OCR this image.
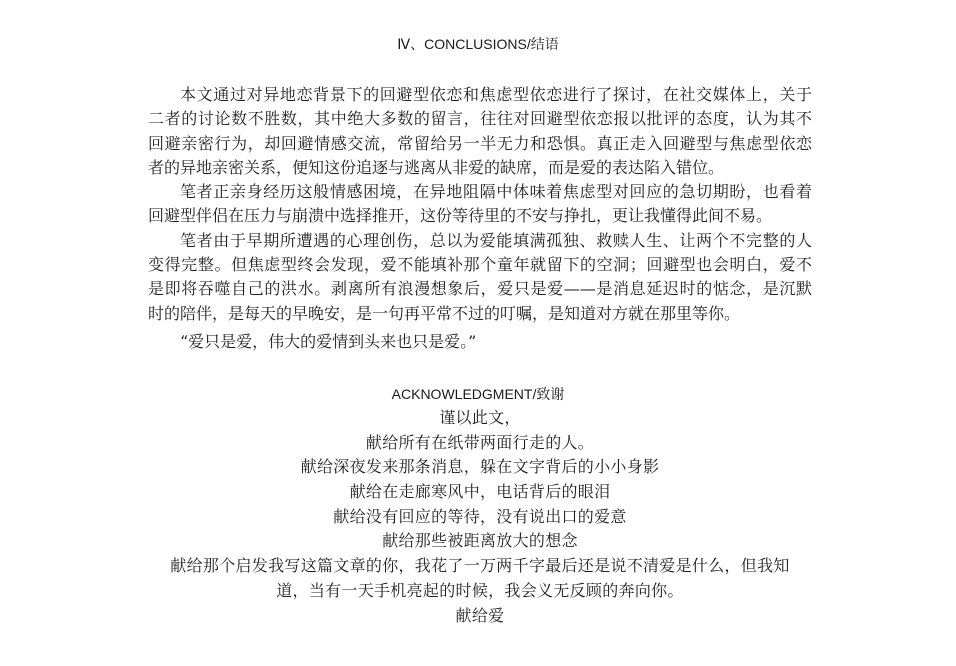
Ⅳ、CONCLUSIONS/结语
本文通过对异地恋背景下的回避型依恋和焦虑型依恋进行了探讨，在社交媒体上，关于
二者的讨论数不胜数，其中绝大多数的留言，往往对回避型依恋报以批评的态度，认为其不
回避亲密行为，却回避情感交流，常留给另一半无力和恐惧。真正走入回避型与焦虑型依恋
者的异地亲密关系，便知这份追逐与逃离从非爱的缺席，而是爱的表达陷入错位。
笔者正亲身经历这般情感困境，在异地阻隔中体味着焦虑型对回应的急切期盼，也看着
回避型伴侣在压力与崩溃中选择推开，这份等待里的不安与挣扎，更让我懂得此间不易。
笔者由于早期所遭遇的心理创伤，总以为爱能填满孤独、救赎人生、让两个不完整的人
变得完整。但焦虑型终会发现，爱不能填补那个童年就留下的空洞；回避型也会明白，爱不
是即将吞噬自己的洪水。剥离所有浪漫想象后，爱只是爱——是消息延迟时的惦念，是沉默
时的陪伴，是每天的早晚安，是一句再平常不过的叮嘱，是知道对方就在那里等你。
“爱只是爱，伟大的爱情到头来也只是爱。”
ACKNOWLEDGMENT/致谢
谨以此文，
献给所有在纸带两面行走的人。
献给深夜发来那条消息，躲在文字背后的小小身影
献给在走廊寒风中，电话背后的眼泪
献给没有回应的等待，没有说出口的爱意
献给那些被距离放大的想念
献给那个启发我写这篇文章的你，我花了一万两千字最后还是说不清爱是什么，但我知
道，当有一天手机亮起的时候，我会义无反顾的奔向你。
献给爱
